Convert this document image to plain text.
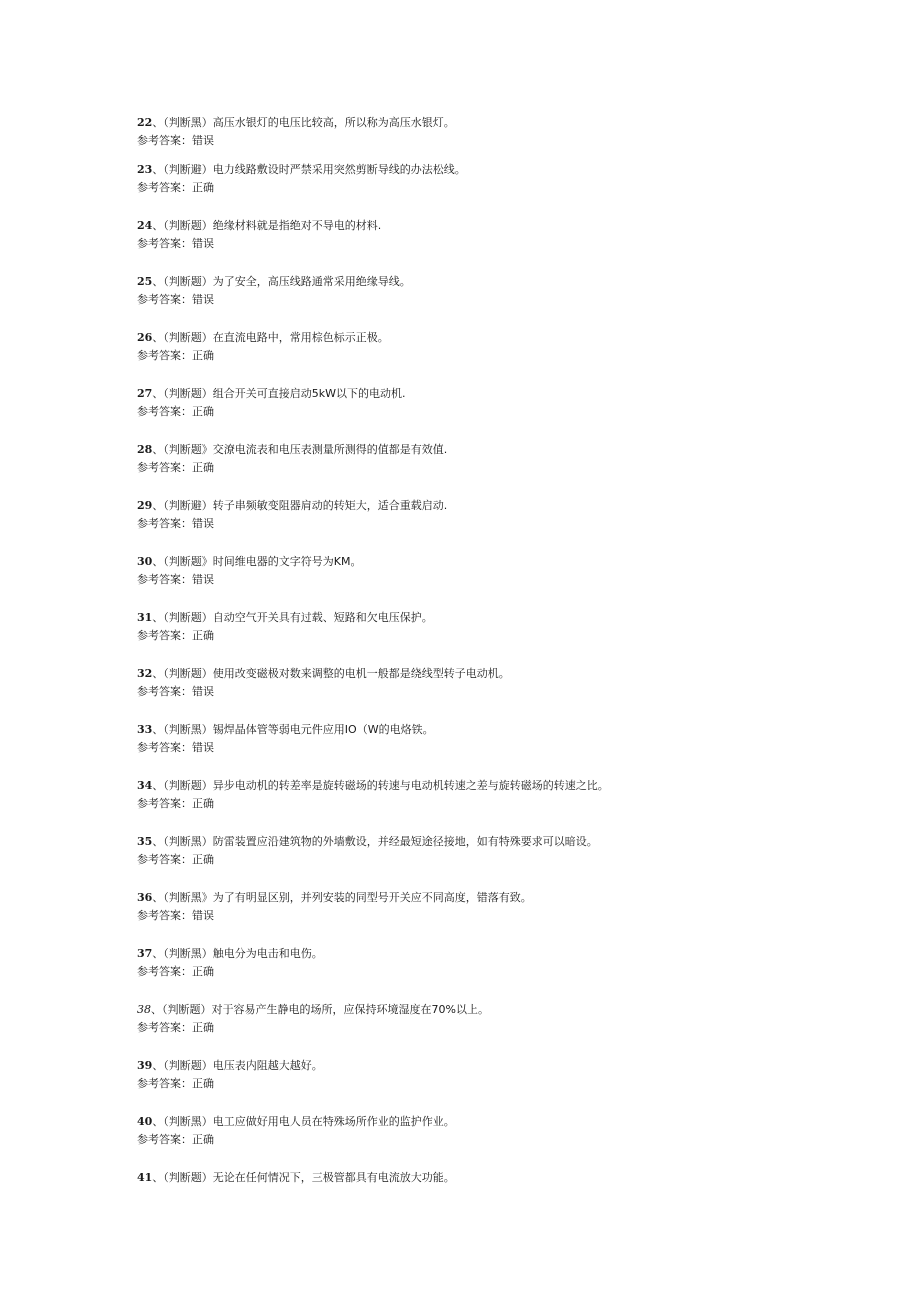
22、（判断黑）高压水银灯的电压比较高，所以称为高压水银灯。
参考答案：错误
23、（判断避）电力线路敷设时严禁采用突然剪断导线的办法松线。
参考答案：正确
24、（判断题）绝缘材料就是指绝对不导电的材料.
参考答案：错误
25、（判断题）为了安全，高压线路通常采用绝缘导线。
参考答案：错误
26、（判断题）在直流电路中，常用棕色标示正极。
参考答案：正确
27、（判断题）组合开关可直接启动5kW以下的电动机.
参考答案：正确
28、（判断题》交潦电流表和电压表测量所测得的值都是有效值.
参考答案：正确
29、（判断避）转子串频敏变阻器肩动的转矩大，适合重载启动.
参考答案：错误
30、（判断题》时间维电器的文字符号为KM。
参考答案：错误
31、（判断题）自动空气开关具有过载、短路和欠电压保护。
参考答案：正确
32、（判断题）使用改变磁极对数来调整的电机一般都是绕线型转子电动机。
参考答案：错误
33、（判断黑）锡焊晶体管等弱电元件应用IO（W的电烙铁。
参考答案：错误
34、（判断题）异步电动机的转差率是旋转磁场的转速与电动机转速之差与旋转磁场的转速之比。
参考答案：正确
35、（判断黑）防雷装置应沿建筑物的外墙敷设，并经最短途径接地，如有特殊要求可以暗设。
参考答案：正确
36、（判断黑》为了有明显区别，并列安装的同型号开关应不同高度，错落有致。
参考答案：错误
37、（判断黑）触电分为电击和电伤。
参考答案：正确
38、（判断题）对于容易产生静电的场所，应保持环境湿度在70%以上。
参考答案：正确
39、（判断题）电压表内阻越大越好。
参考答案：正确
40、（判断黑）电工应做好用电人员在特殊场所作业的监护作业。
参考答案：正确
41、（判断题）无论在任何情况下，三极管都具有电流放大功能。
